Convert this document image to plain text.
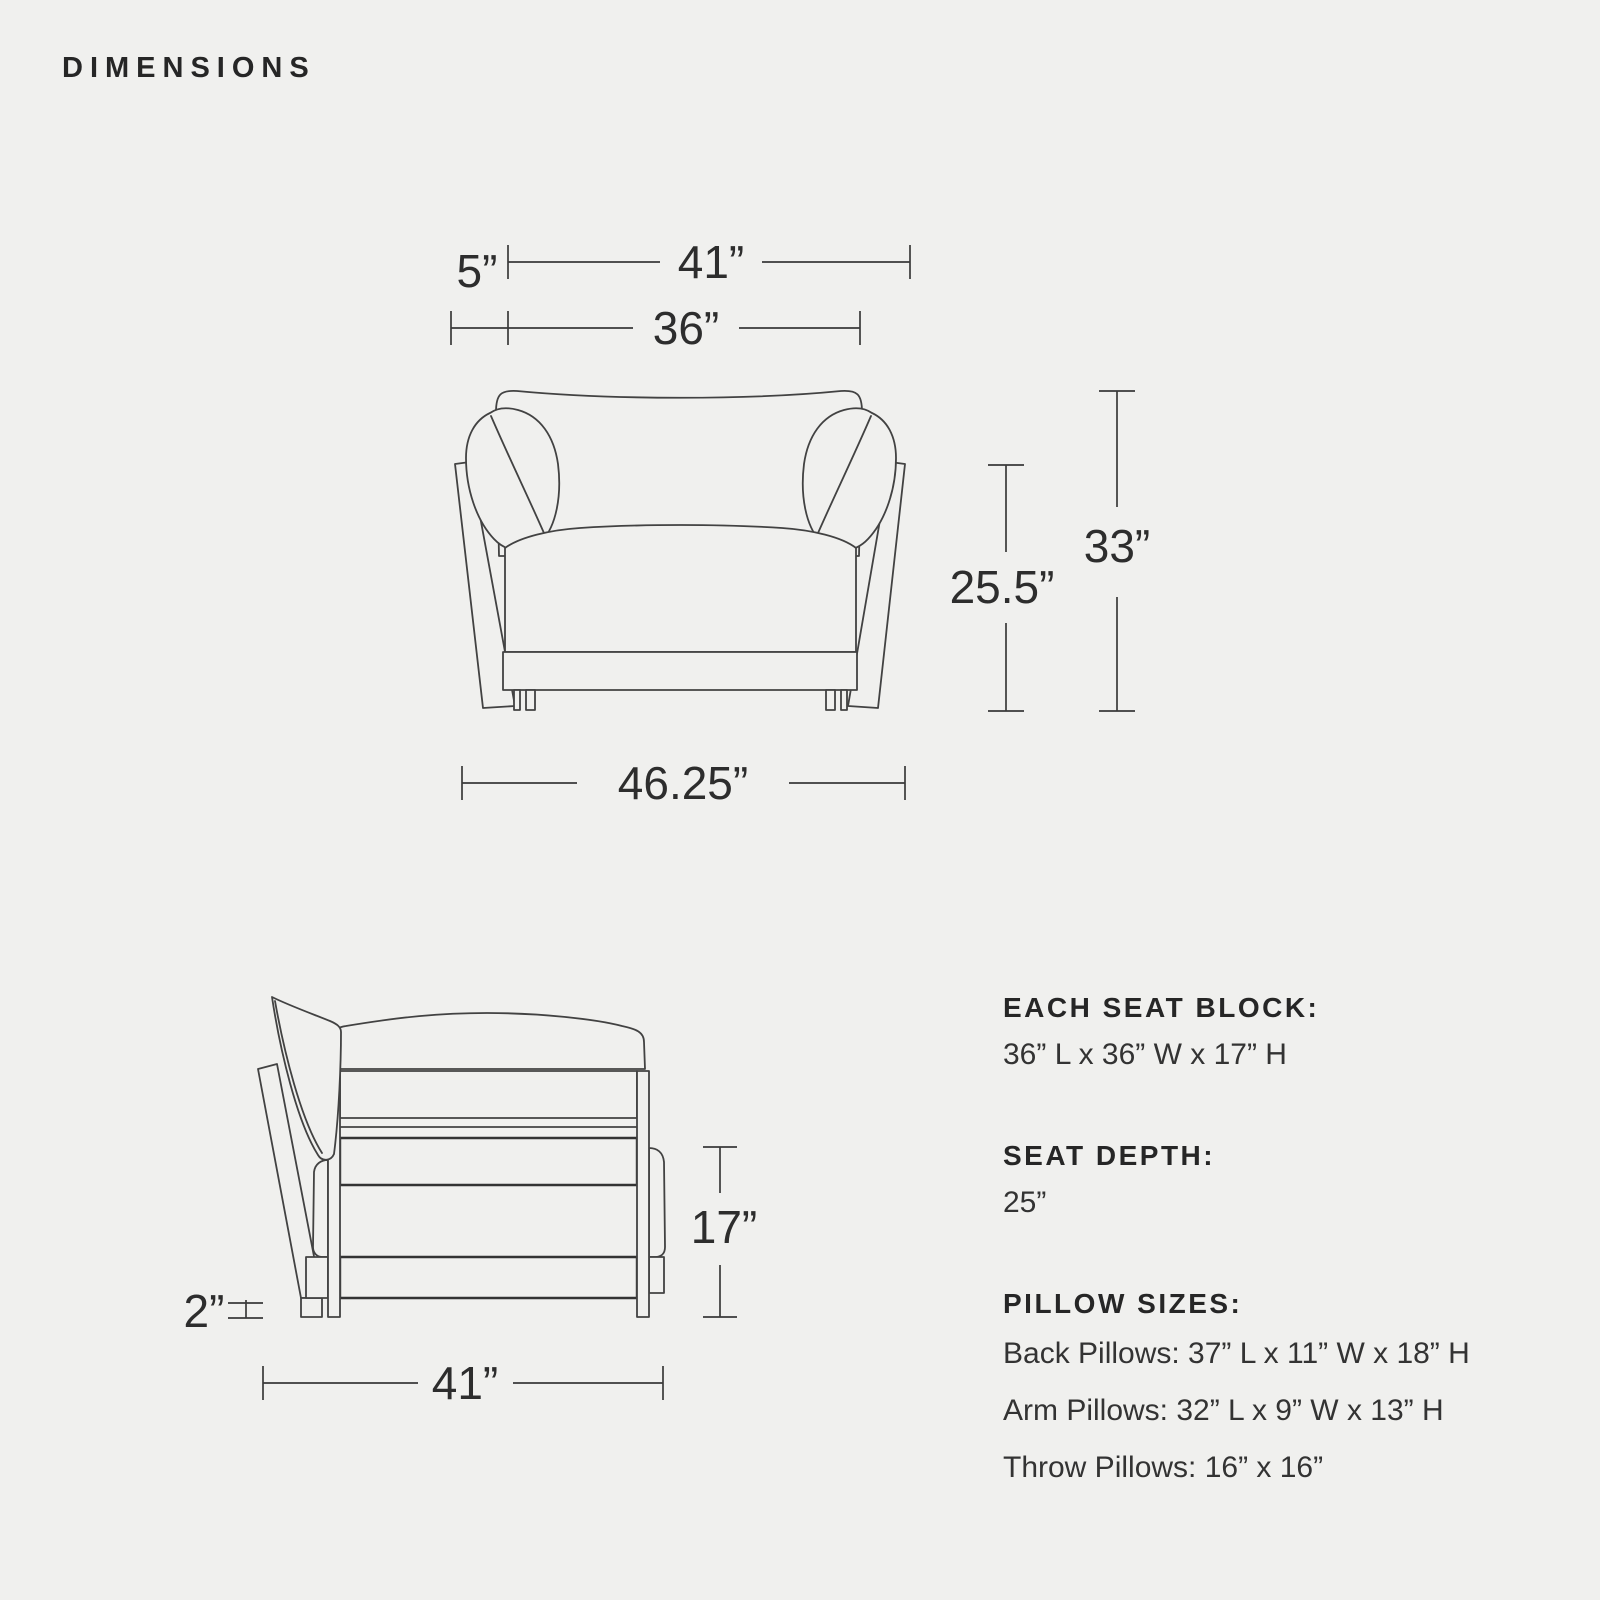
DIMENSIONS
41”
5”
36”
46.25”
25.5”
33”
2”
17”
41”
EACH SEAT BLOCK:
36” L x 36” W x 17” H
SEAT DEPTH:
25”
PILLOW SIZES:
Back Pillows: 37” L x 11” W x 18” H
Arm Pillows: 32” L x 9” W x 13” H
Throw Pillows: 16” x 16”
